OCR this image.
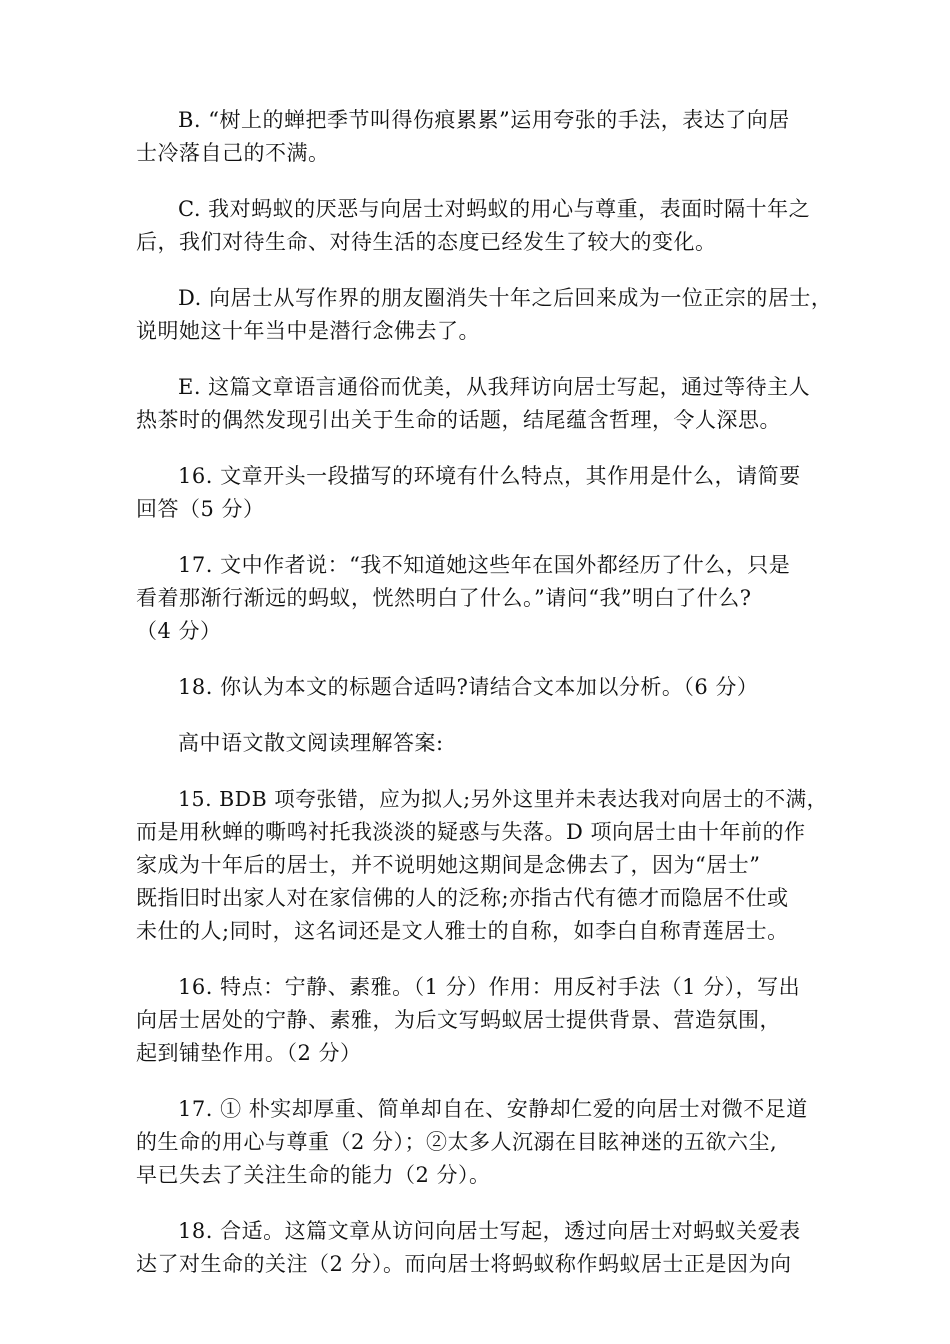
B. “树上的蝉把季节叫得伤痕累累”运用夸张的手法，表达了向居
士冷落自己的不满。

C. 我对蚂蚁的厌恶与向居士对蚂蚁的用心与尊重，表面时隔十年之
后，我们对待生命、对待生活的态度已经发生了较大的变化。

D. 向居士从写作界的朋友圈消失十年之后回来成为一位正宗的居士，
说明她这十年当中是潜行念佛去了。

E. 这篇文章语言通俗而优美，从我拜访向居士写起，通过等待主人
热茶时的偶然发现引出关于生命的话题，结尾蕴含哲理，令人深思。

16. 文章开头一段描写的环境有什么特点，其作用是什么，请简要
回答（5 分）

17. 文中作者说：“我不知道她这些年在国外都经历了什么，只是
看着那渐行渐远的蚂蚁，恍然明白了什么。”请问“我”明白了什么?
（4 分）

18. 你认为本文的标题合适吗?请结合文本加以分析。（6 分）

高中语文散文阅读理解答案:

15. BDB 项夸张错，应为拟人;另外这里并未表达我对向居士的不满，
而是用秋蝉的嘶鸣衬托我淡淡的疑惑与失落。D 项向居士由十年前的作
家成为十年后的居士，并不说明她这期间是念佛去了，因为“居士”
既指旧时出家人对在家信佛的人的泛称;亦指古代有德才而隐居不仕或
未仕的人;同时，这名词还是文人雅士的自称，如李白自称青莲居士。

16. 特点：宁静、素雅。（1 分）作用：用反衬手法（1 分），写出
向居士居处的宁静、素雅，为后文写蚂蚁居士提供背景、营造氛围，
起到铺垫作用。（2 分）

17. ① 朴实却厚重、简单却自在、安静却仁爱的向居士对微不足道
的生命的用心与尊重（2 分）；②太多人沉溺在目眩神迷的五欲六尘,
早已失去了关注生命的能力（2 分）。

18. 合适。这篇文章从访问向居士写起，透过向居士对蚂蚁关爱表
达了对生命的关注（2 分）。而向居士将蚂蚁称作蚂蚁居士正是因为向
